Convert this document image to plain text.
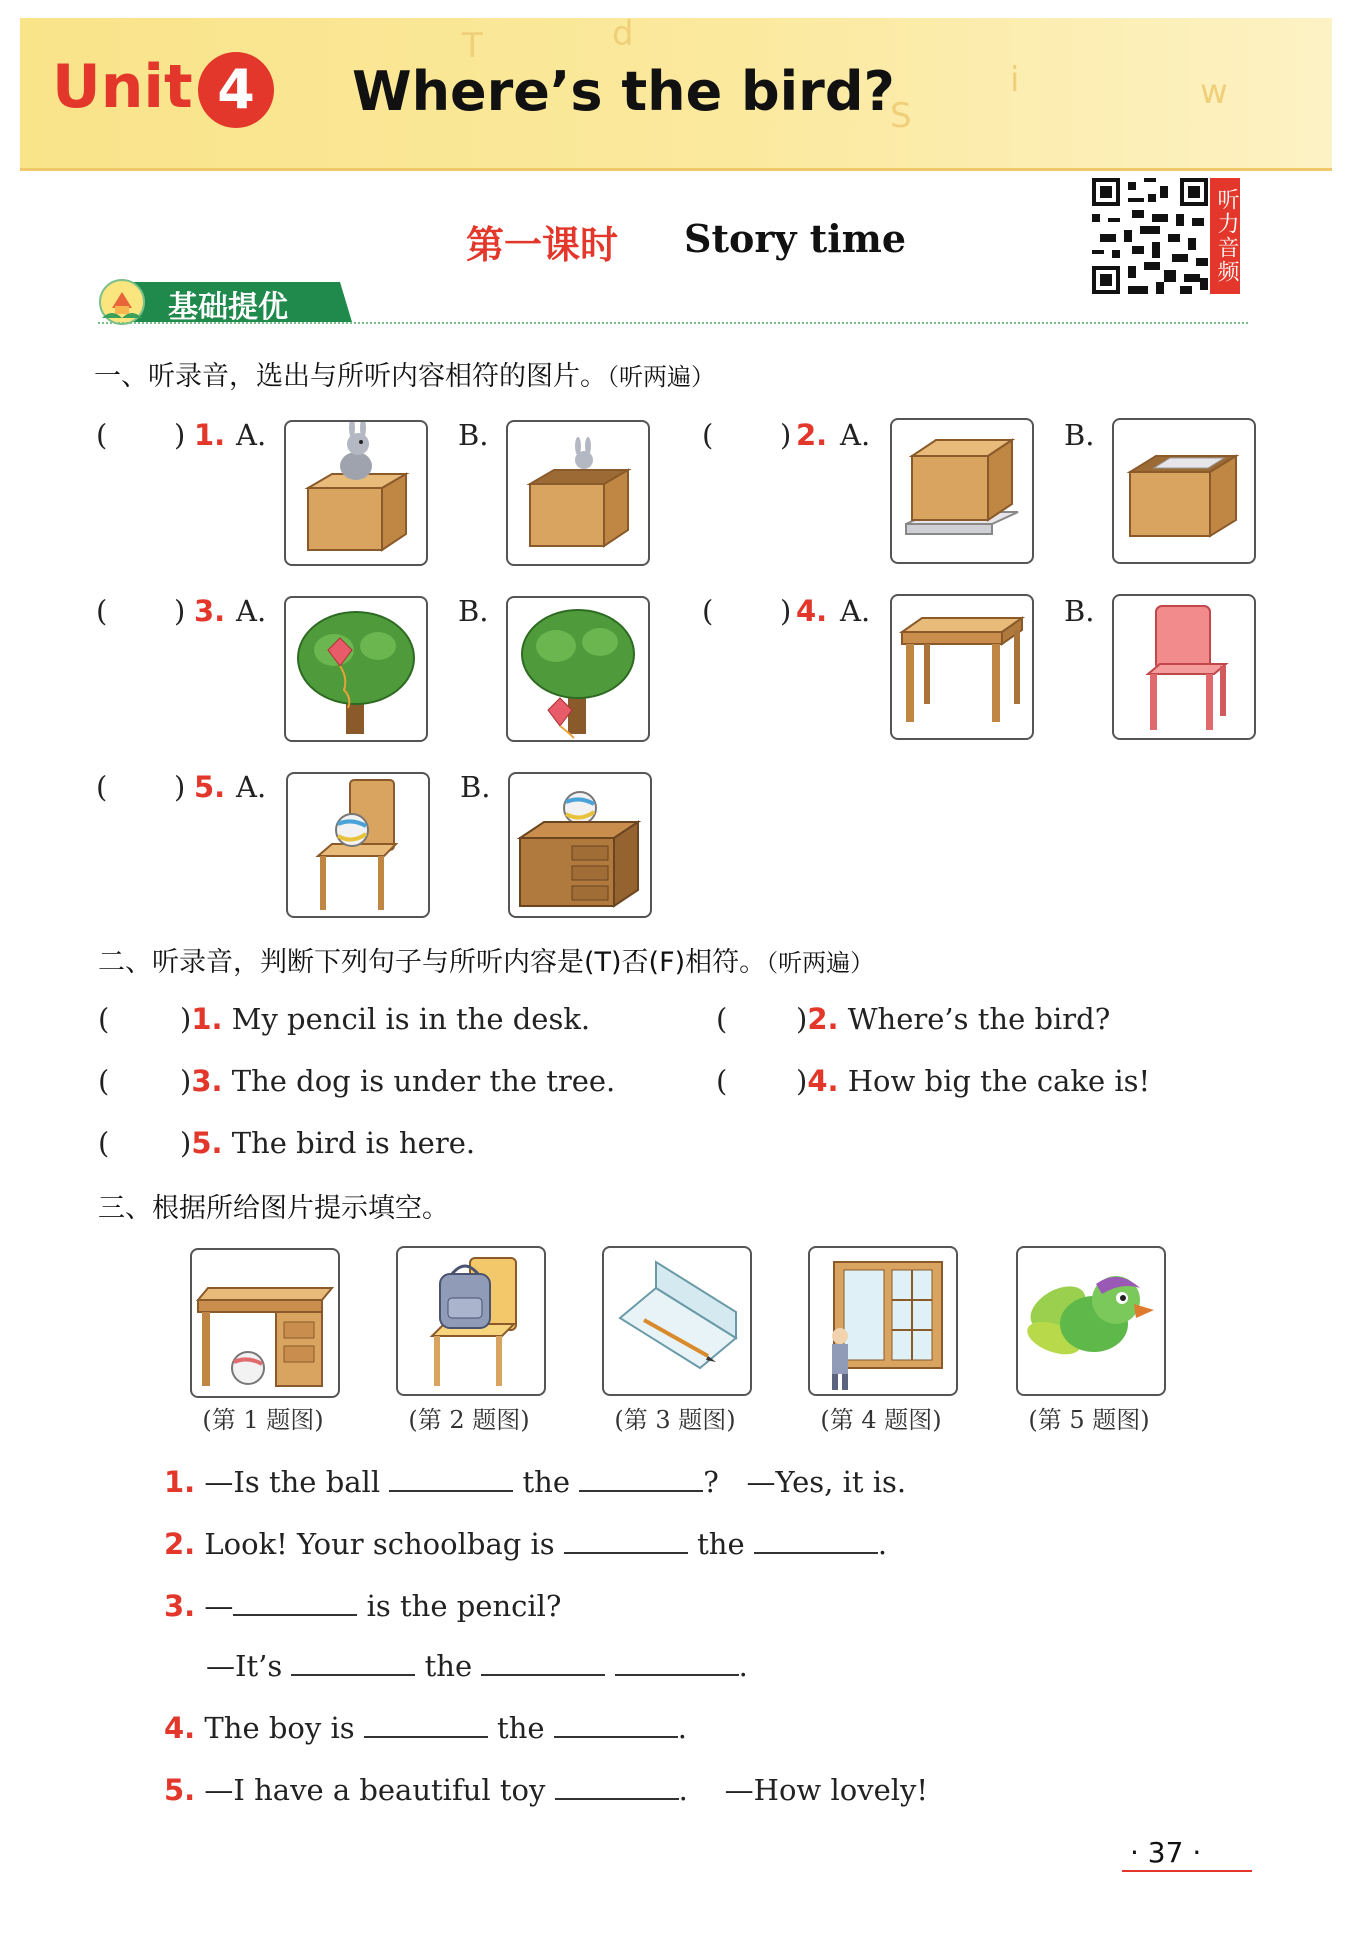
T	d
S
i	w
Unit 4	Where’s the bird?
第一课时 Story time	听力音频
基础提优
一、听录音，选出与所听内容相符的图片。（听两遍）
( ) 1. A.	B.	( ) 2. A.	B.
( ) 3. A.	B.	( ) 4. A.	B.
( ) 5. A.	B.
二、听录音，判断下列句子与所听内容是(T)否(F)相符。（听两遍）
( )1. My pencil is in the desk.	( )2. Where’s the bird?
( )3. The dog is under the tree.	( )4. How big the cake is!
( )5. The bird is here.
三、根据所给图片提示填空。
(第 1 题图)	(第 2 题图)	(第 3 题图)	(第 4 题图)	(第 5 题图)
1. —Is the ball	the	? —Yes, it is.
2. Look! Your schoolbag is	the	.
3. —	is the pencil?
—It’s	the	.
4. The boy is	the	.
5. —I have a beautiful toy	. —How lovely!
· 37 ·
